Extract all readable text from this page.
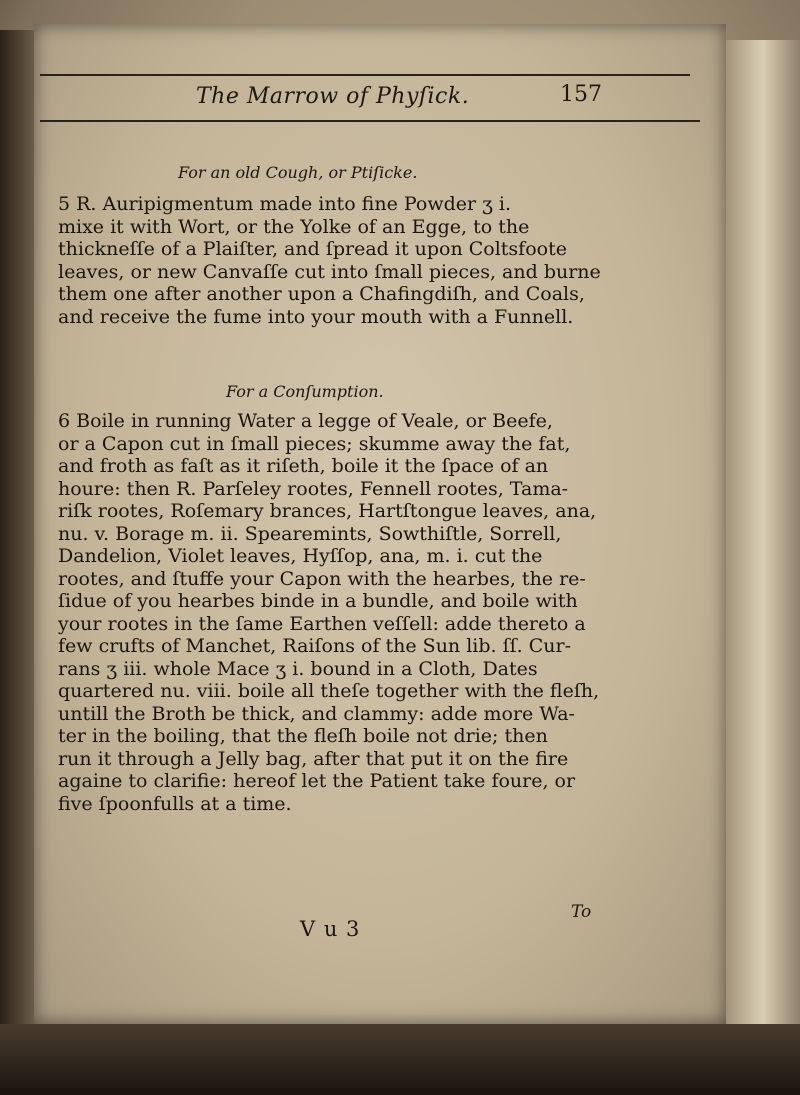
The Marrow of Phyſick.	157
For an old Cough, or Ptiſicke.
5 R. Auripigmentum made into fine Powder ʒ i.
mixe it with Wort, or the Yolke of an Egge, to the
thickneſſe of a Plaiſter, and ſpread it upon Coltsfoote
leaves, or new Canvaſſe cut into ſmall pieces, and burne
them one after another upon a Chafingdiſh, and Coals,
and receive the fume into your mouth with a Funnell.
For a Conſumption.
6 Boile in running Water a legge of Veale, or Beefe,
or a Capon cut in ſmall pieces; skumme away the fat,
and froth as faſt as it riſeth, boile it the ſpace of an
houre: then R. Parſeley rootes, Fennell rootes, Tama-
riſk rootes, Roſemary brances, Hartſtongue leaves, ana,
nu. v. Borage m. ii. Spearemints, Sowthiſtle, Sorrell,
Dandelion, Violet leaves, Hyſſop, ana, m. i. cut the
rootes, and ſtuffe your Capon with the hearbes, the re-
ſidue of you hearbes binde in a bundle, and boile with
your rootes in the ſame Earthen veſſell: adde thereto a
few crufts of Manchet, Raiſons of the Sun lib. ſſ. Cur-
rans ʒ iii. whole Mace ʒ i. bound in a Cloth, Dates
quartered nu. viii. boile all theſe together with the fleſh,
untill the Broth be thick, and clammy: adde more Wa-
ter in the boiling, that the fleſh boile not drie; then
run it through a Jelly bag, after that put it on the fire
againe to clarifie: hereof let the Patient take foure, or
five ſpoonfulls at a time.
V u 3
To
